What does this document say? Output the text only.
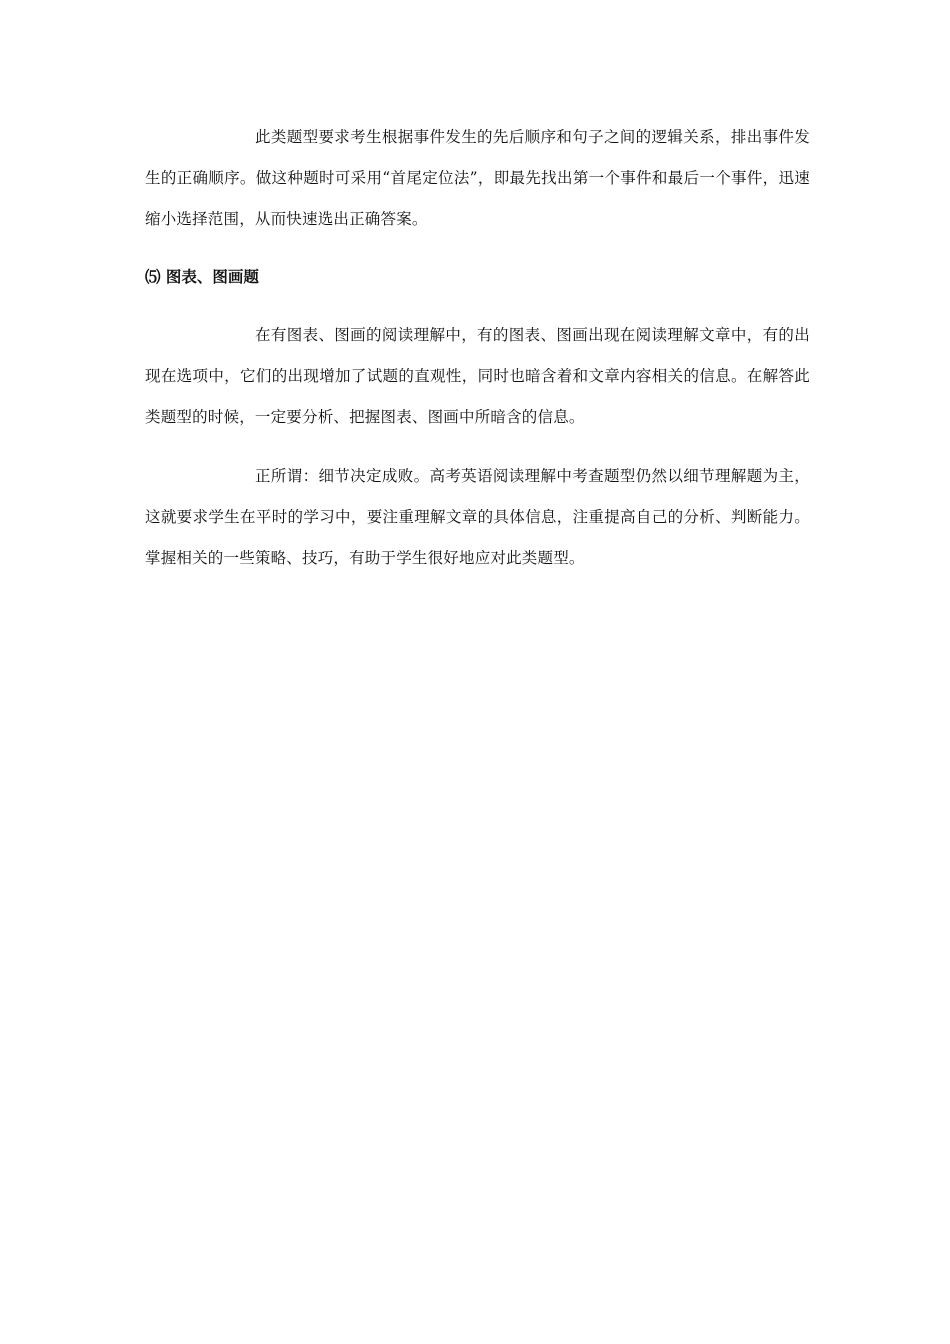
此类题型要求考生根据事件发生的先后顺序和句子之间的逻辑关系，排出事件发生的正确顺序。做这种题时可采用“首尾定位法”，即最先找出第一个事件和最后一个事件，迅速缩小选择范围，从而快速选出正确答案。

⑸ 图表、图画题

在有图表、图画的阅读理解中，有的图表、图画出现在阅读理解文章中，有的出现在选项中，它们的出现增加了试题的直观性，同时也暗含着和文章内容相关的信息。在解答此类题型的时候，一定要分析、把握图表、图画中所暗含的信息。

正所谓：细节决定成败。高考英语阅读理解中考查题型仍然以细节理解题为主，这就要求学生在平时的学习中，要注重理解文章的具体信息，注重提高自己的分析、判断能力。掌握相关的一些策略、技巧，有助于学生很好地应对此类题型。
